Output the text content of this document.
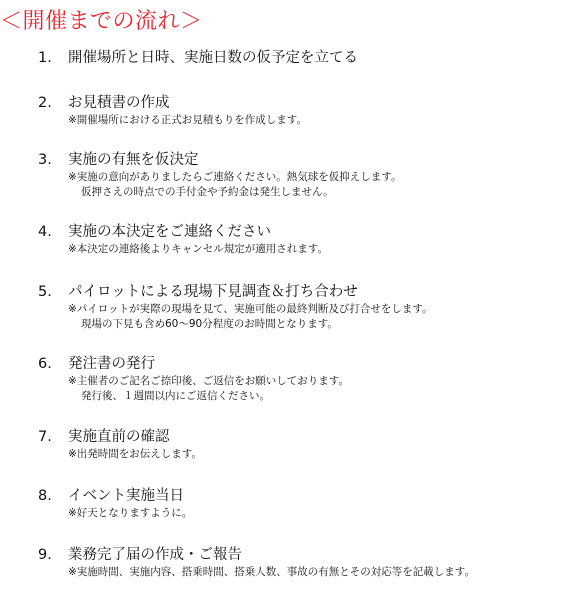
＜開催までの流れ＞
1. 開催場所と日時、実施日数の仮予定を立てる
2. お見積書の作成

※開催場所における正式お見積もりを作成します。

3. 実施の有無を仮決定

※実施の意向がありましたらご連絡ください。熱気球を仮抑えします。
仮押さえの時点での手付金や予約金は発生しません。

4. 実施の本決定をご連絡ください

※本決定の連絡後よりキャンセル規定が適用されます。

5. パイロットによる現場下見調査＆打ち合わせ

※パイロットが実際の現場を見て、実施可能の最終判断及び打合せをします。
現場の下見も含め60～90分程度のお時間となります。

6. 発注書の発行

※主催者のご記名ご捺印後、ご返信をお願いしております。
発行後、１週間以内にご返信ください。

7. 実施直前の確認

※出発時間をお伝えします。

8. イベント実施当日

※好天となりますように。

9. 業務完了届の作成・ご報告

※実施時間、実施内容、搭乗時間、搭乗人数、事故の有無とその対応等を記載します。
